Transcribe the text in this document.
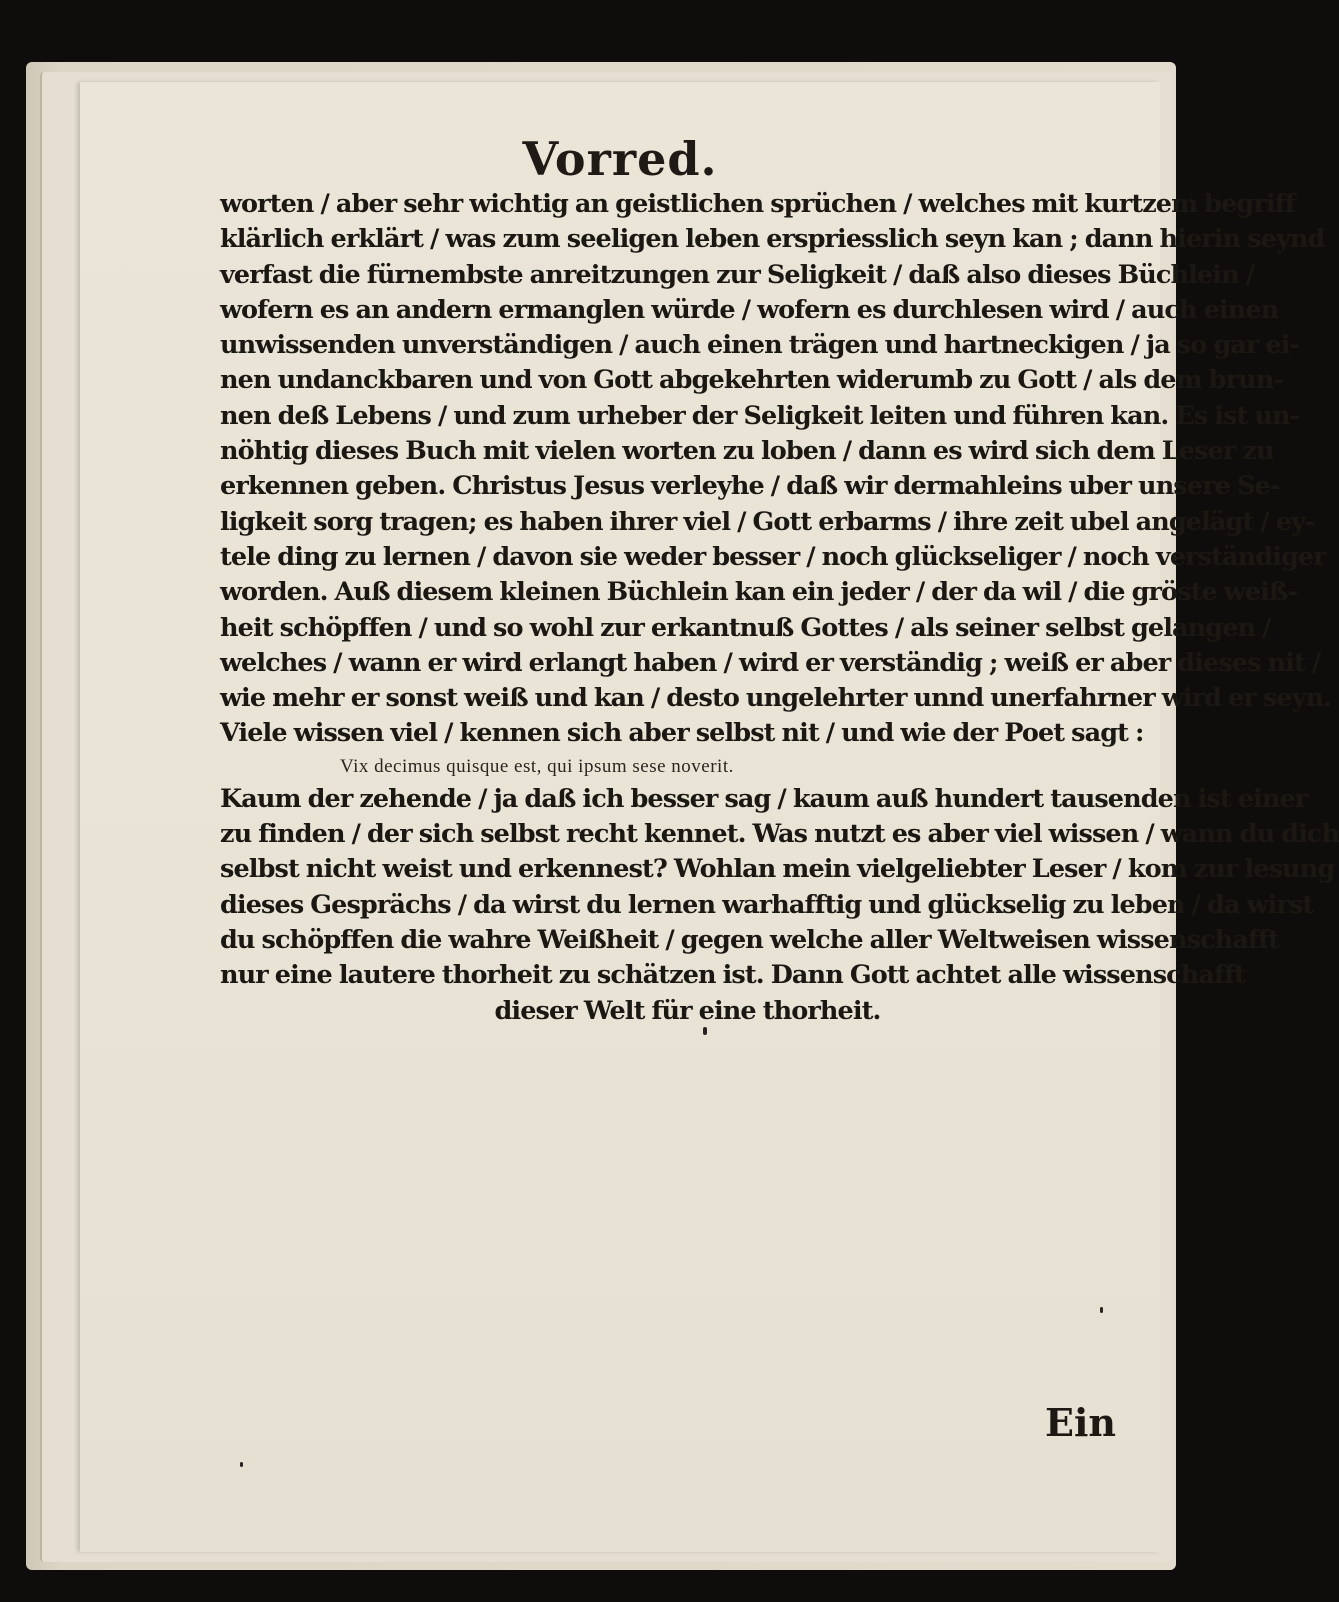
Vorred.
worten / aber sehr wichtig an geistlichen sprüchen / welches mit kurtzem begriff
klärlich erklärt / was zum seeligen leben erspriesslich seyn kan ; dann hierin seynd
verfast die fürnembste anreitzungen zur Seligkeit / daß also dieses Büchlein /
wofern es an andern ermanglen würde / wofern es durchlesen wird / auch einen
unwissenden unverständigen / auch einen trägen und hartneckigen / ja so gar ei-
nen undanckbaren und von Gott abgekehrten widerumb zu Gott / als dem brun-
nen deß Lebens / und zum urheber der Seligkeit leiten und führen kan. Es ist un-
nöhtig dieses Buch mit vielen worten zu loben / dann es wird sich dem Leser zu
erkennen geben. Christus Jesus verleyhe / daß wir dermahleins uber unsere Se-
ligkeit sorg tragen; es haben ihrer viel / Gott erbarms / ihre zeit ubel angelägt / ey-
tele ding zu lernen / davon sie weder besser / noch glückseliger / noch verständiger
worden. Auß diesem kleinen Büchlein kan ein jeder / der da wil / die gröste weiß-
heit schöpffen / und so wohl zur erkantnuß Gottes / als seiner selbst gelangen /
welches / wann er wird erlangt haben / wird er verständig ; weiß er aber dieses nit /
wie mehr er sonst weiß und kan / desto ungelehrter unnd unerfahrner wird er seyn.
Viele wissen viel / kennen sich aber selbst nit / und wie der Poet sagt :
Vix decimus quisque est, qui ipsum sese noverit.
Kaum der zehende / ja daß ich besser sag / kaum auß hundert tausenden ist einer
zu finden / der sich selbst recht kennet. Was nutzt es aber viel wissen / wann du dich
selbst nicht weist und erkennest? Wohlan mein vielgeliebter Leser / kom zur lesung
dieses Gesprächs / da wirst du lernen warhafftig und glückselig zu leben / da wirst
du schöpffen die wahre Weißheit / gegen welche aller Weltweisen wissenschafft
nur eine lautere thorheit zu schätzen ist. Dann Gott achtet alle wissenschafft
dieser Welt für eine thorheit.
Ein
